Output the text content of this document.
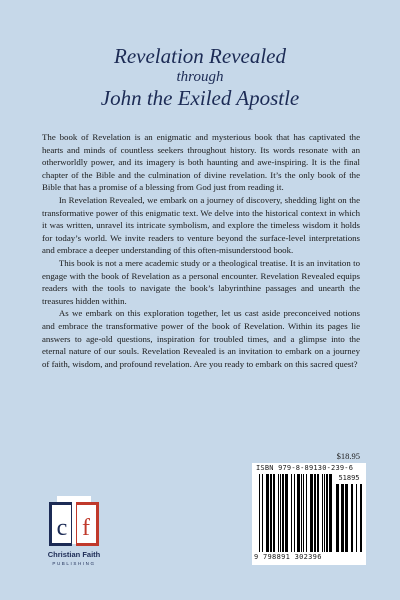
Revelation Revealed
through
John the Exiled Apostle

The book of Revelation is an enigmatic and mysterious book that has captivated the hearts and minds of countless seekers throughout history. Its words resonate with an otherworldly power, and its imagery is both haunting and awe-inspiring. It is the final chapter of the Bible and the culmination of divine revelation. It’s the only book of the Bible that has a promise of a blessing from God just from reading it.

In Revelation Revealed, we embark on a journey of discovery, shedding light on the transformative power of this enigmatic text. We delve into the historical context in which it was written, unravel its intricate symbolism, and explore the timeless wisdom it holds for today’s world. We invite readers to venture beyond the surface-level interpretations and embrace a deeper understanding of this often-misunderstood book.

This book is not a mere academic study or a theological treatise. It is an invitation to engage with the book of Revelation as a personal encounter. Revelation Revealed equips readers with the tools to navigate the book’s labyrinthine passages and unearth the treasures hidden within.

As we embark on this exploration together, let us cast aside preconceived notions and embrace the transformative power of the book of Revelation. Within its pages lie answers to age-old questions, inspiration for troubled times, and a glimpse into the eternal nature of our souls. Revelation Revealed is an invitation to embark on a journey of faith, wisdom, and profound revelation. Are you ready to embark on this sacred quest?

$18.95
ISBN 979-8-89130-239-6
51895
9 798891 302396
c f
Christian Faith
PUBLISHING
